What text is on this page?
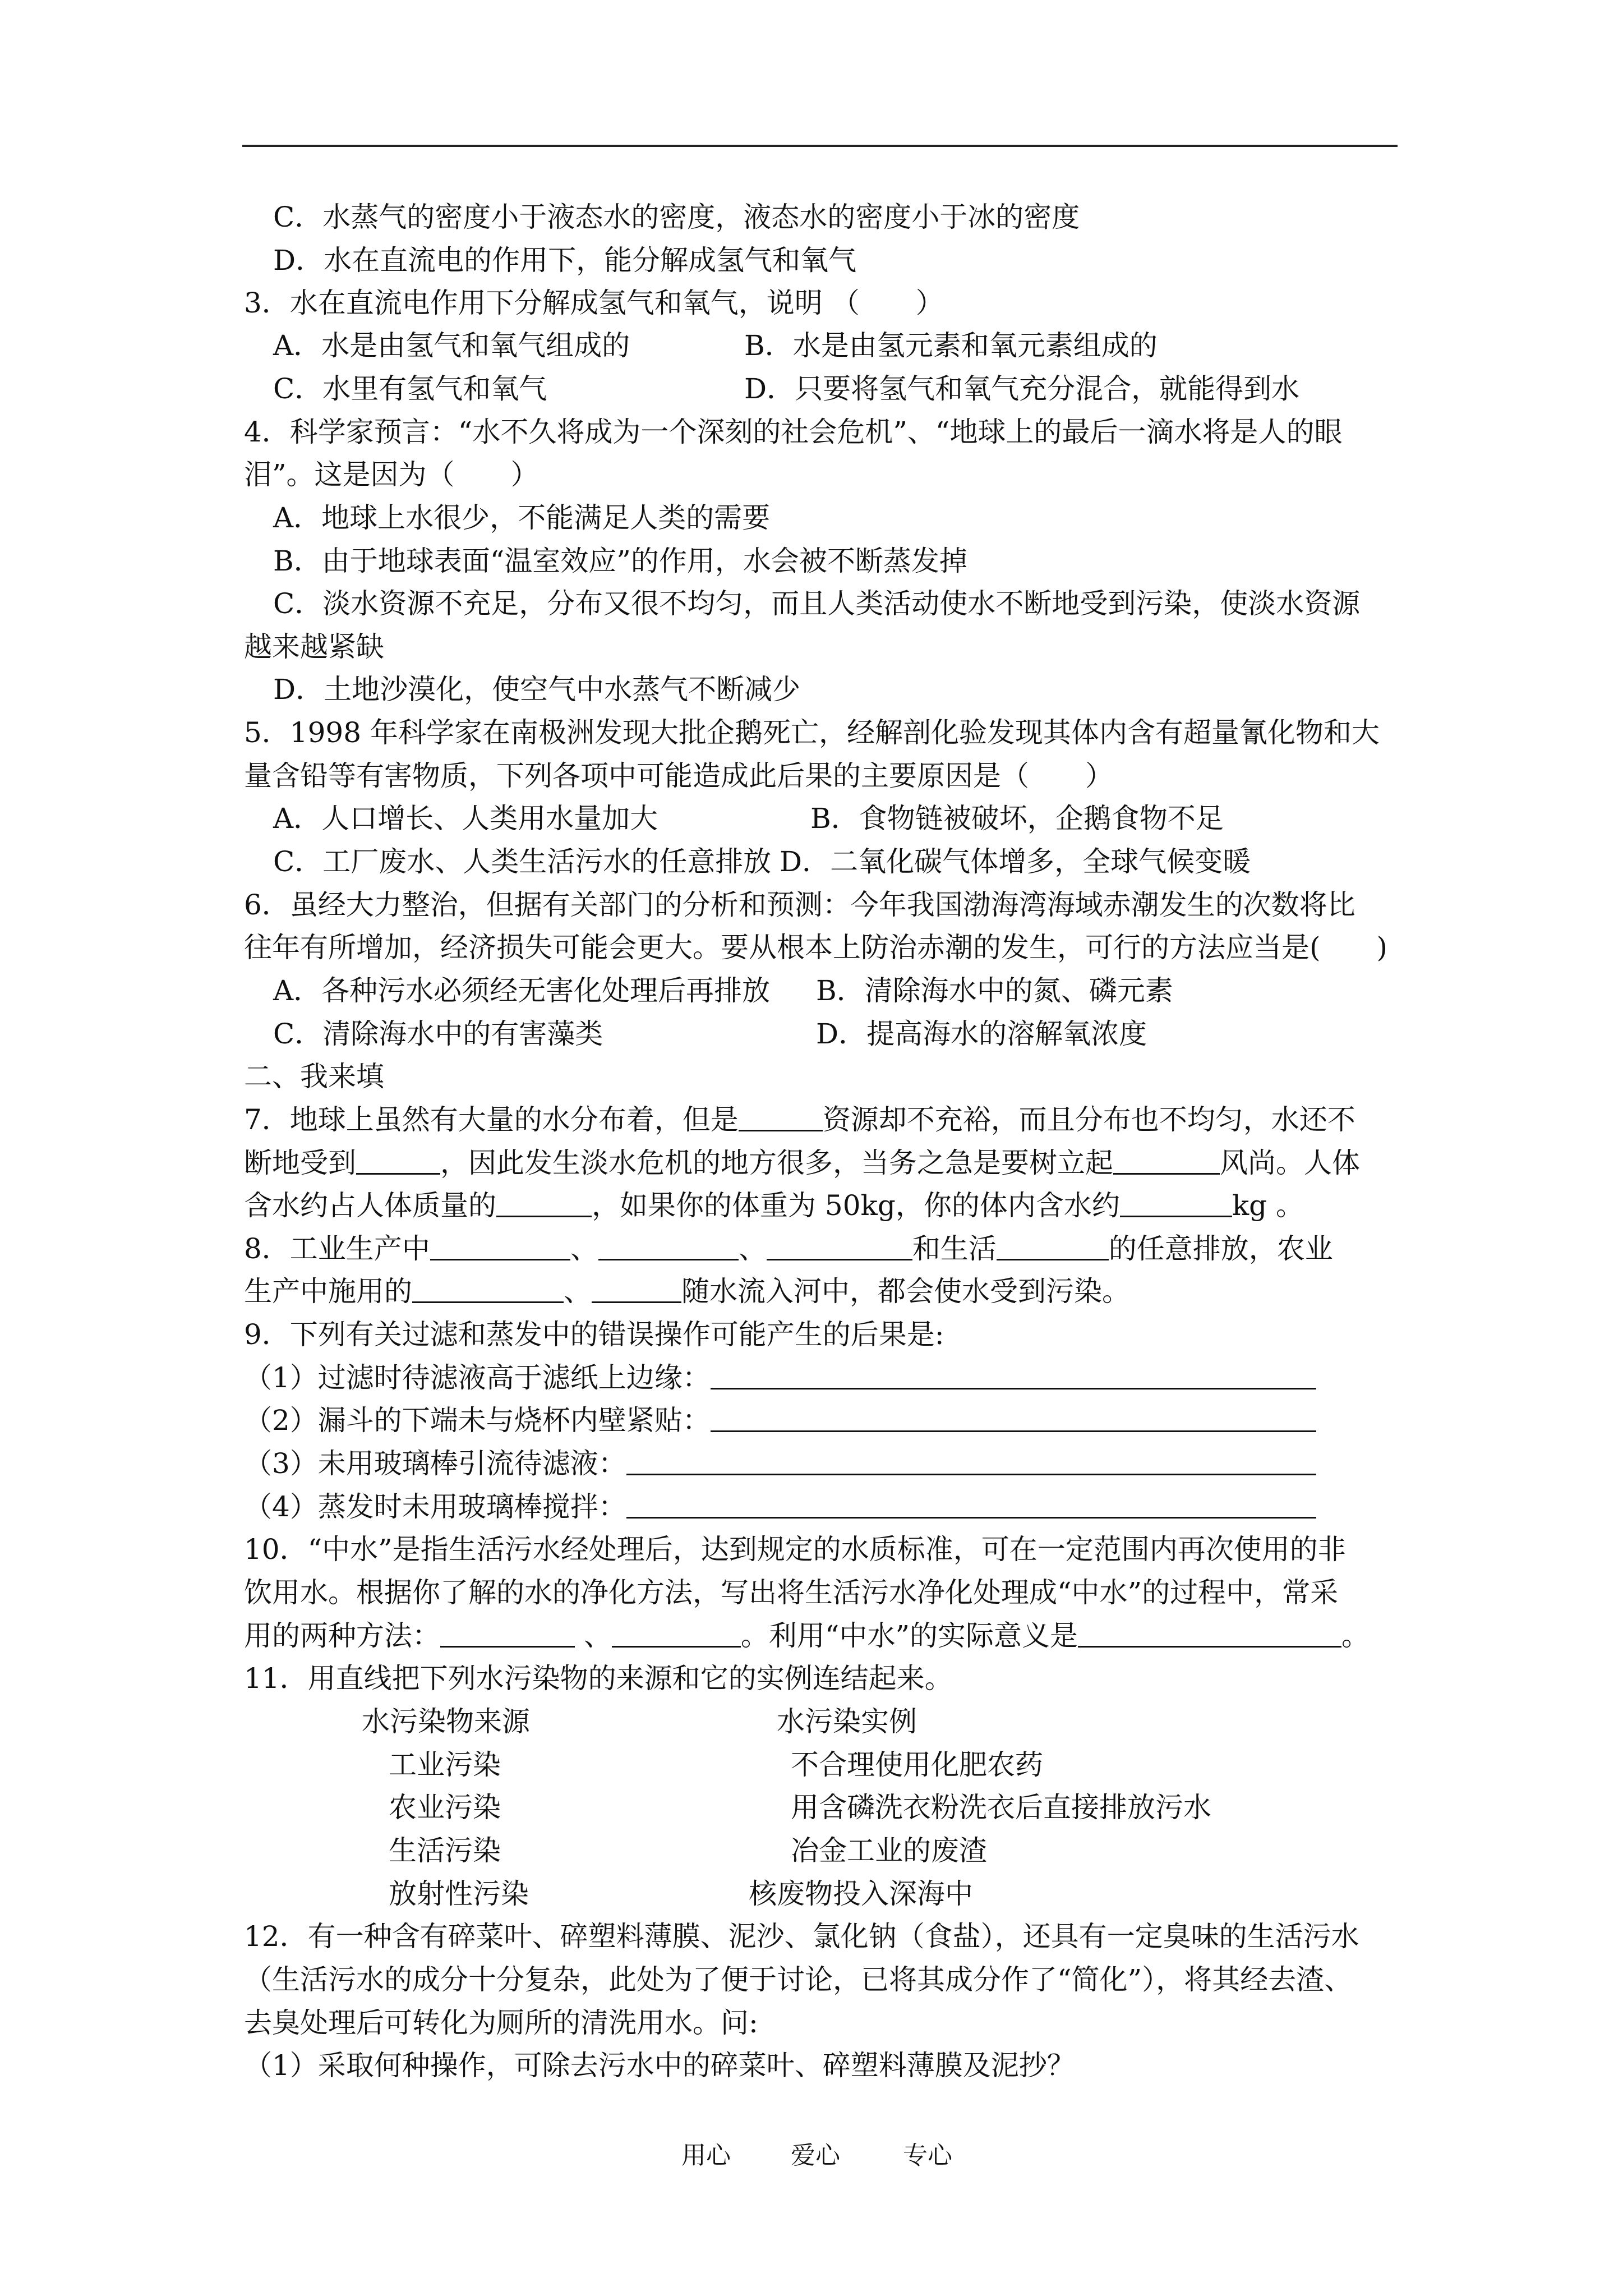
C．水蒸气的密度小于液态水的密度，液态水的密度小于冰的密度
D．水在直流电的作用下，能分解成氢气和氧气
3．水在直流电作用下分解成氢气和氧气，说明 （　　）
A．水是由氢气和氧气组成的	B．水是由氢元素和氧元素组成的
C．水里有氢气和氧气	D．只要将氢气和氧气充分混合，就能得到水
4．科学家预言：“水不久将成为一个深刻的社会危机”、“地球上的最后一滴水将是人的眼
泪”。这是因为（　　）
A．地球上水很少，不能满足人类的需要
B．由于地球表面“温室效应”的作用，水会被不断蒸发掉
C．淡水资源不充足，分布又很不均匀，而且人类活动使水不断地受到污染，使淡水资源
越来越紧缺
D．土地沙漠化，使空气中水蒸气不断减少
5．1998 年科学家在南极洲发现大批企鹅死亡，经解剖化验发现其体内含有超量氰化物和大
量含铅等有害物质，下列各项中可能造成此后果的主要原因是（　　）
A．人口增长、人类用水量加大	B．食物链被破坏，企鹅食物不足
C．工厂废水、人类生活污水的任意排放 D．二氧化碳气体增多，全球气候变暖
6．虽经大力整治，但据有关部门的分析和预测：今年我国渤海湾海域赤潮发生的次数将比
往年有所增加，经济损失可能会更大。要从根本上防治赤潮的发生，可行的方法应当是(　　)
A．各种污水必须经无害化处理后再排放 B．清除海水中的氮、磷元素
C．清除海水中的有害藻类	D．提高海水的溶解氧浓度
二、我来填
7．地球上虽然有大量的水分布着，但是	资源却不充裕，而且分布也不均匀，水还不
断地受到	，因此发生淡水危机的地方很多，当务之急是要树立起	风尚。人体
含水约占人体质量的	，如果你的体重为 50kg，你的体内含水约	kg 。
8．工业生产中	、	、	和生活	的任意排放，农业
生产中施用的	、	随水流入河中，都会使水受到污染。
9．下列有关过滤和蒸发中的错误操作可能产生的后果是:
（1）过滤时待滤液高于滤纸上边缘：
（2）漏斗的下端未与烧杯内壁紧贴：
（3）未用玻璃棒引流待滤液：
（4）蒸发时未用玻璃棒搅拌：
10．“中水”是指生活污水经处理后，达到规定的水质标准，可在一定范围内再次使用的非
饮用水。根据你了解的水的净化方法，写出将生活污水净化处理成“中水”的过程中，常采
用的两种方法：	、	。利用“中水”的实际意义是	。
11．用直线把下列水污染物的来源和它的实例连结起来。
水污染物来源	水污染实例
工业污染	不合理使用化肥农药
农业污染	用含磷洗衣粉洗衣后直接排放污水
生活污染	冶金工业的废渣
放射性污染	核废物投入深海中
12．有一种含有碎菜叶、碎塑料薄膜、泥沙、氯化钠（食盐），还具有一定臭味的生活污水
（生活污水的成分十分复杂，此处为了便于讨论，已将其成分作了“简化”），将其经去渣、
去臭处理后可转化为厕所的清洗用水。问:
（1）采取何种操作，可除去污水中的碎菜叶、碎塑料薄膜及泥抄？
用心 爱心	专心
